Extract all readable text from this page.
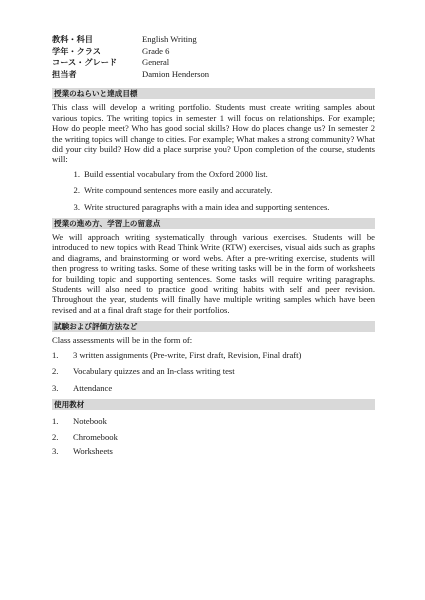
教科・科目	English Writing
学年・クラス	Grade 6
コース・グレード	General
担当者	Damion Henderson
授業のねらいと達成目標
This class will develop a writing portfolio. Students must create writing samples about various topics. The writing topics in semester 1 will focus on relationships. For example; How do people meet? Who has good social skills? How do places change us? In semester 2 the writing topics will change to cities. For example; What makes a strong community? What did your city build? How did a place surprise you? Upon completion of the course, students will:
1. Build essential vocabulary from the Oxford 2000 list.
2. Write compound sentences more easily and accurately.
3. Write structured paragraphs with a main idea and supporting sentences.
授業の進め方、学習上の留意点
We will approach writing systematically through various exercises. Students will be introduced to new topics with Read Think Write (RTW) exercises, visual aids such as graphs and diagrams, and brainstorming or word webs. After a pre-writing exercise, students will then progress to writing tasks. Some of these writing tasks will be in the form of worksheets for building topic and supporting sentences. Some tasks will require writing paragraphs. Students will also need to practice good writing habits with self and peer revision. Throughout the year, students will finally have multiple writing samples which have been revised and at a final draft stage for their portfolios.
試験および評価方法など
Class assessments will be in the form of:
1.	3 written assignments (Pre-write, First draft, Revision, Final draft)
2.	Vocabulary quizzes and an In-class writing test
3.	Attendance
使用教材
1.	Notebook
2.	Chromebook
3.	Worksheets
